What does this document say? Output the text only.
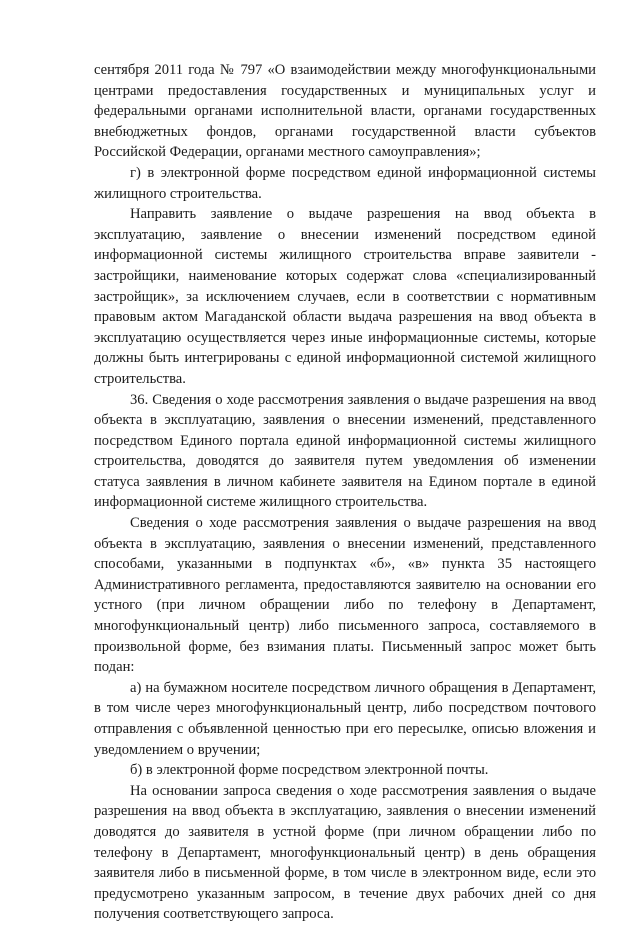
сентября 2011 года № 797 «О взаимодействии между многофункциональными центрами предоставления государственных и муниципальных услуг и федеральными органами исполнительной власти, органами государственных внебюджетных фондов, органами государственной власти субъектов Российской Федерации, органами местного самоуправления»;

г) в электронной форме посредством единой информационной системы жилищного строительства.

Направить заявление о выдаче разрешения на ввод объекта в эксплуатацию, заявление о внесении изменений посредством единой информационной системы жилищного строительства вправе заявители - застройщики, наименование которых содержат слова «специализированный застройщик», за исключением случаев, если в соответствии с нормативным правовым актом Магаданской области выдача разрешения на ввод объекта в эксплуатацию осуществляется через иные информационные системы, которые должны быть интегрированы с единой информационной системой жилищного строительства.

36. Сведения о ходе рассмотрения заявления о выдаче разрешения на ввод объекта в эксплуатацию, заявления о внесении изменений, представленного посредством Единого портала единой информационной системы жилищного строительства, доводятся до заявителя путем уведомления об изменении статуса заявления в личном кабинете заявителя на Едином портале в единой информационной системе жилищного строительства.

Сведения о ходе рассмотрения заявления о выдаче разрешения на ввод объекта в эксплуатацию, заявления о внесении изменений, представленного способами, указанными в подпунктах «б», «в» пункта 35 настоящего Административного регламента, предоставляются заявителю на основании его устного (при личном обращении либо по телефону в Департамент, многофункциональный центр) либо письменного запроса, составляемого в произвольной форме, без взимания платы. Письменный запрос может быть подан:

а) на бумажном носителе посредством личного обращения в Департамент, в том числе через многофункциональный центр, либо посредством почтового отправления с объявленной ценностью при его пересылке, описью вложения и уведомлением о вручении;

б) в электронной форме посредством электронной почты.

На основании запроса сведения о ходе рассмотрения заявления о выдаче разрешения на ввод объекта в эксплуатацию, заявления о внесении изменений доводятся до заявителя в устной форме (при личном обращении либо по телефону в Департамент, многофункциональный центр) в день обращения заявителя либо в письменной форме, в том числе в электронном виде, если это предусмотрено указанным запросом, в течение двух рабочих дней со дня получения соответствующего запроса.
